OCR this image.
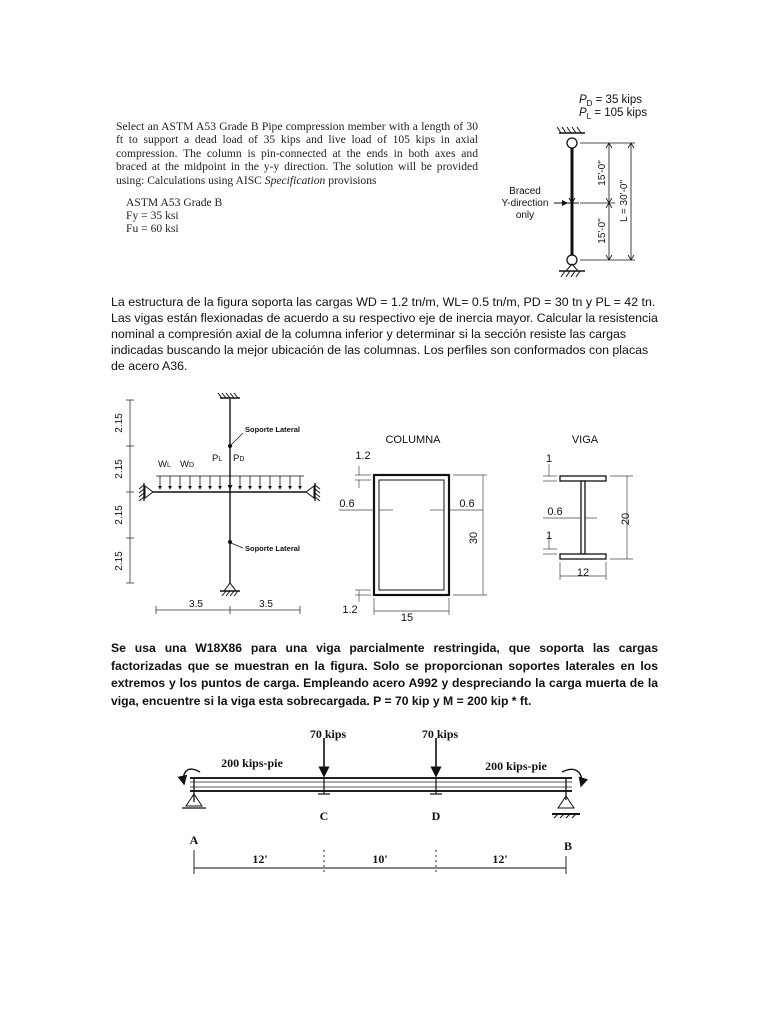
Select an ASTM A53 Grade B Pipe compression member with a length of 30 ft to support a dead load of 35 kips and live load of 105 kips in axial compression. The column is pin-connected at the ends in both axes and braced at the midpoint in the y-y direction. The solution will be provided using: Calculations using AISC Specification provisions
ASTM A53 Grade B
Fy = 35 ksi
Fu = 60 ksi
$P_D = 35$ kips
$P_L = 105$ kips
Braced
Y-direction
only
15'-0"
15'-0"
L = 30'-0"
La estructura de la figura soporta las cargas WD = 1.2 tn/m, WL= 0.5 tn/m, PD = 30 tn y PL = 42 tn. Las vigas están flexionadas de acuerdo a su respectivo eje de inercia mayor. Calcular la resistencia nominal a compresión axial de la columna inferior y determinar si la sección resiste las cargas indicadas buscando la mejor ubicación de las columnas. Los perfiles son conformados con placas de acero A36.
2.15
2.15
2.15
2.15
WL WD
PL PD
Soporte Lateral
Soporte Lateral
3.5	3.5
COLUMNA
1.2
0.6	0.6
30
1.2
15
VIGA
1
0.6
1
20
12
Se usa una W18X86 para una viga parcialmente restringida, que soporta las cargas factorizadas que se muestran en la figura. Solo se proporcionan soportes laterales en los extremos y los puntos de carga. Empleando acero A992 y despreciando la carga muerta de la viga, encuentre si la viga esta sobrecargada. P = 70 kip y M = 200 kip * ft.
70 kips	70 kips
200 kips-pie	200 kips-pie
A
C	D
B
12'	10'	12'
